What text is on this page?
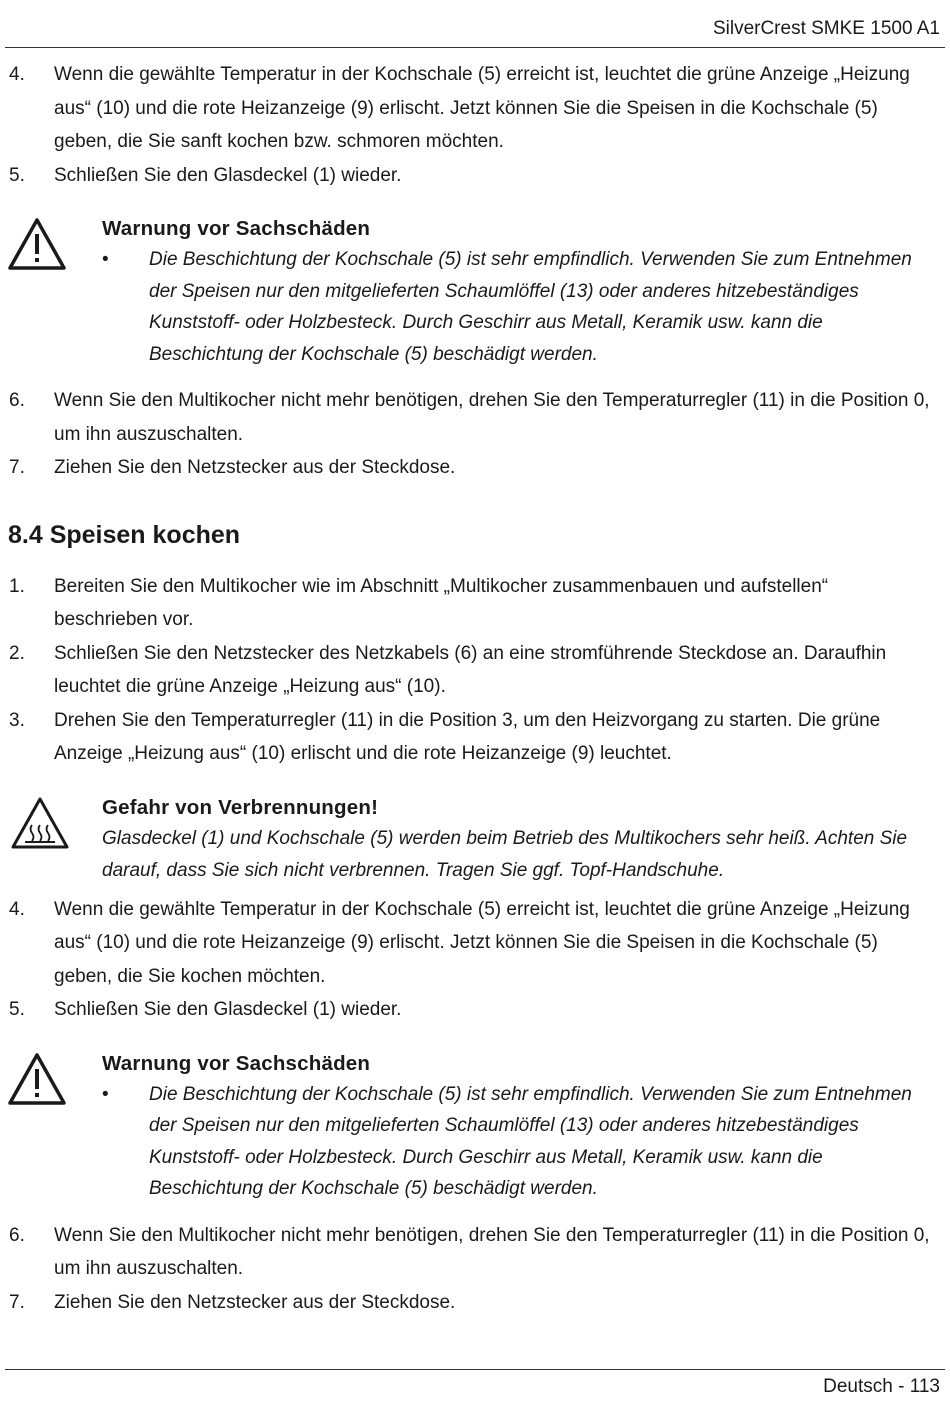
SilverCrest SMKE 1500 A1
4. Wenn die gewählte Temperatur in der Kochschale (5) erreicht ist, leuchtet die grüne Anzeige „Heizung aus“ (10) und die rote Heizanzeige (9) erlischt. Jetzt können Sie die Speisen in die Kochschale (5) geben, die Sie sanft kochen bzw. schmoren möchten.
5. Schließen Sie den Glasdeckel (1) wieder.
Warnung vor Sachschäden
• Die Beschichtung der Kochschale (5) ist sehr empfindlich. Verwenden Sie zum Entnehmen der Speisen nur den mitgelieferten Schaumlöffel (13) oder anderes hitzebeständiges Kunststoff- oder Holzbesteck. Durch Geschirr aus Metall, Keramik usw. kann die Beschichtung der Kochschale (5) beschädigt werden.
6. Wenn Sie den Multikocher nicht mehr benötigen, drehen Sie den Temperaturregler (11) in die Position 0, um ihn auszuschalten.
7. Ziehen Sie den Netzstecker aus der Steckdose.
8.4 Speisen kochen
1. Bereiten Sie den Multikocher wie im Abschnitt „Multikocher zusammenbauen und aufstellen“ beschrieben vor.
2. Schließen Sie den Netzstecker des Netzkabels (6) an eine stromführende Steckdose an. Daraufhin leuchtet die grüne Anzeige „Heizung aus“ (10).
3. Drehen Sie den Temperaturregler (11) in die Position 3, um den Heizvorgang zu starten. Die grüne Anzeige „Heizung aus“ (10) erlischt und die rote Heizanzeige (9) leuchtet.
Gefahr von Verbrennungen!
Glasdeckel (1) und Kochschale (5) werden beim Betrieb des Multikochers sehr heiß. Achten Sie darauf, dass Sie sich nicht verbrennen. Tragen Sie ggf. Topf-Handschuhe.
4. Wenn die gewählte Temperatur in der Kochschale (5) erreicht ist, leuchtet die grüne Anzeige „Heizung aus“ (10) und die rote Heizanzeige (9) erlischt. Jetzt können Sie die Speisen in die Kochschale (5) geben, die Sie kochen möchten.
5. Schließen Sie den Glasdeckel (1) wieder.
Warnung vor Sachschäden
• Die Beschichtung der Kochschale (5) ist sehr empfindlich. Verwenden Sie zum Entnehmen der Speisen nur den mitgelieferten Schaumlöffel (13) oder anderes hitzebeständiges Kunststoff- oder Holzbesteck. Durch Geschirr aus Metall, Keramik usw. kann die Beschichtung der Kochschale (5) beschädigt werden.
6. Wenn Sie den Multikocher nicht mehr benötigen, drehen Sie den Temperaturregler (11) in die Position 0, um ihn auszuschalten.
7. Ziehen Sie den Netzstecker aus der Steckdose.
Deutsch - 113
